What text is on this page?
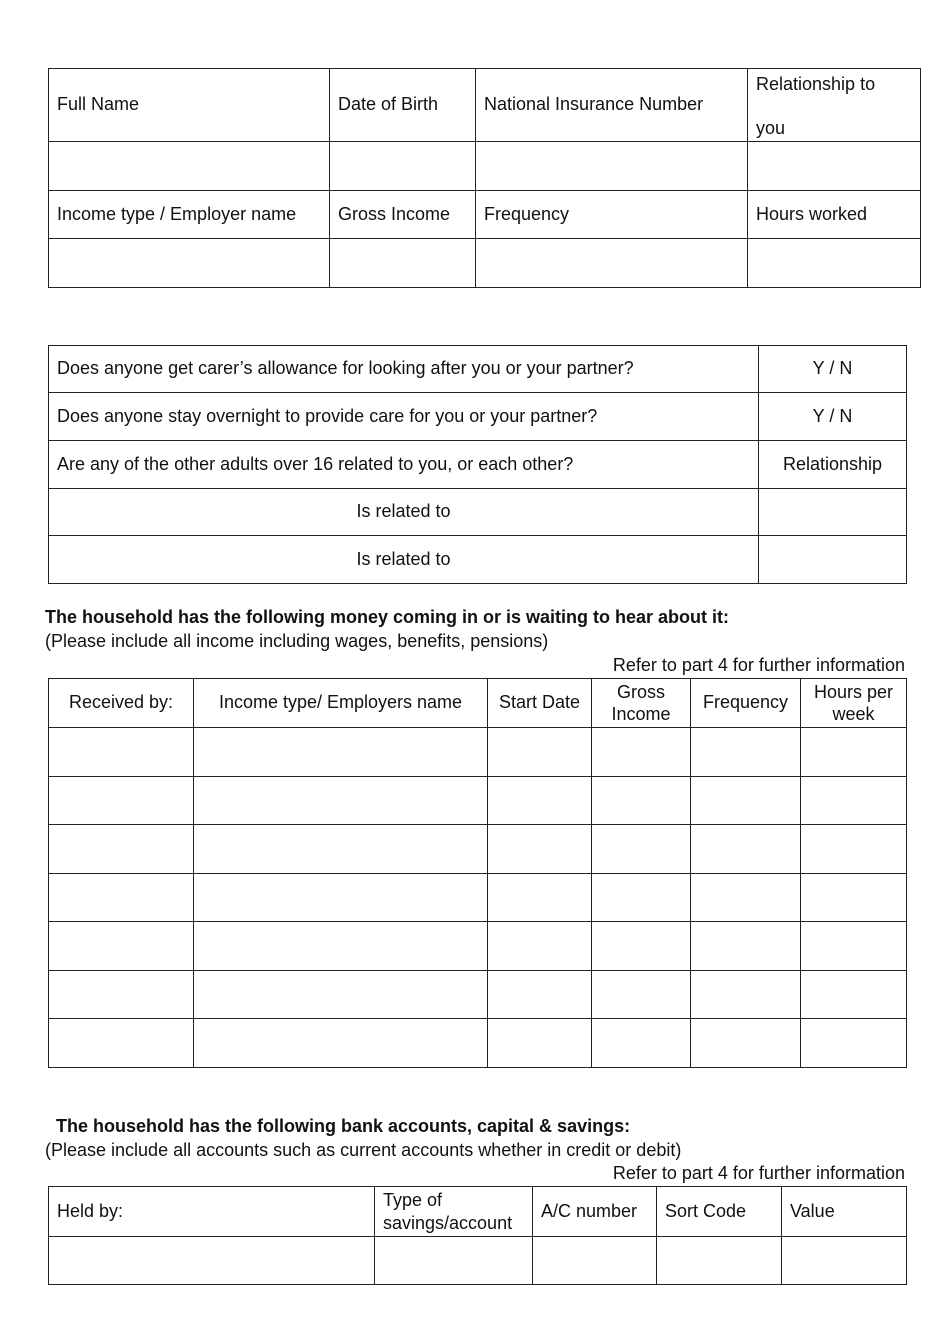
Full Name	Date of Birth	National Insurance Number	Relationship to
you

Income type / Employer name	Gross Income	Frequency	Hours worked

Does anyone get carer’s allowance for looking after you or your partner?	Y / N
Does anyone stay overnight to provide care for you or your partner?	Y / N
Are any of the other adults over 16 related to you, or each other?	Relationship
Is related to	
Is related to	
The household has the following money coming in or is waiting to hear about it:
(Please include all income including wages, benefits, pensions)
Refer to part 4 for further information
Received by:	Income type/ Employers name	Start Date	Gross Income	Frequency	Hours per week

The household has the following bank accounts, capital & savings:
(Please include all accounts such as current accounts whether in credit or debit)
Refer to part 4 for further information
Held by:	Type of savings/account	A/C number	Sort Code	Value
